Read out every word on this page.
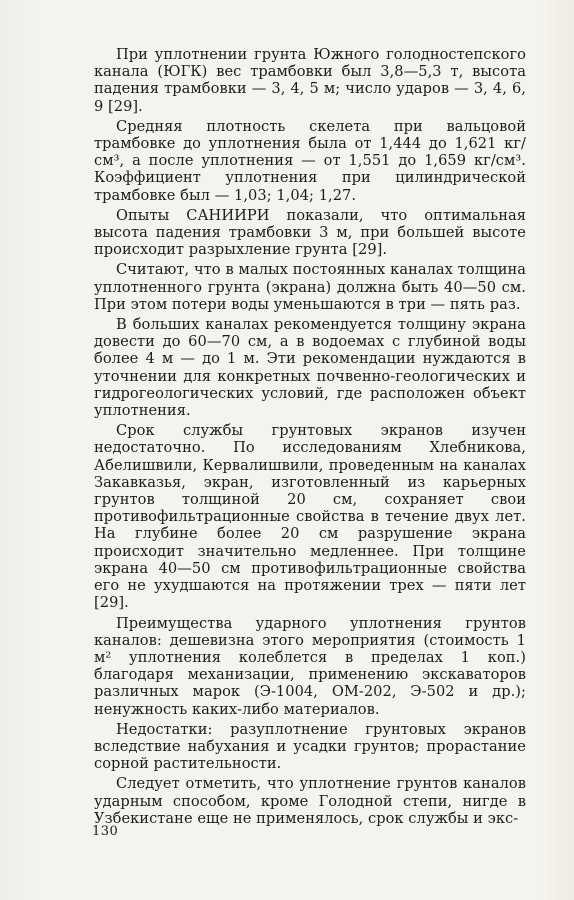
При уплотнении грунта Южного голодностепского канала (ЮГК) вес трамбовки был 3,8—5,3 т, высота падения трамбовки — 3, 4, 5 м; число ударов — 3, 4, 6, 9 [29].

Средняя плотность скелета при вальцовой трамбовке до уплотнения была от 1,444 до 1,621 кг/см³, а после уплотнения — от 1,551 до 1,659 кг/см³. Коэффициент уплотнения при цилиндрической трамбовке был — 1,03; 1,04; 1,27.

Опыты САНИИРИ показали, что оптимальная высота падения трамбовки 3 м, при большей высоте происходит разрыхление грунта [29].

Считают, что в малых постоянных каналах толщина уплотненного грунта (экрана) должна быть 40—50 см. При этом потери воды уменьшаются в три — пять раз.

В больших каналах рекомендуется толщину экрана довести до 60—70 см, а в водоемах с глубиной воды более 4 м — до 1 м. Эти рекомендации нуждаются в уточнении для конкретных почвенно-геологических и гидрогеологических условий, где расположен объект уплотнения.

Срок службы грунтовых экранов изучен недостаточно. По исследованиям Хлебникова, Абелишвили, Кервалишвили, проведенным на каналах Закавказья, экран, изготовленный из карьерных грунтов толщиной 20 см, сохраняет свои противофильтрационные свойства в течение двух лет. На глубине более 20 см разрушение экрана происходит значительно медленнее. При толщине экрана 40—50 см противофильтрационные свойства его не ухудшаются на протяжении трех — пяти лет [29].

Преимущества ударного уплотнения грунтов каналов: дешевизна этого мероприятия (стоимость 1 м² уплотнения колеблется в пределах 1 коп.) благодаря механизации, применению экскаваторов различных марок (Э-1004, ОМ-202, Э-502 и др.); ненужность каких-либо материалов.

Недостатки: разуплотнение грунтовых экранов вследствие набухания и усадки грунтов; прорастание сорной растительности.

Следует отметить, что уплотнение грунтов каналов ударным способом, кроме Голодной степи, нигде в Узбекистане еще не применялось, срок службы и экс-

130
